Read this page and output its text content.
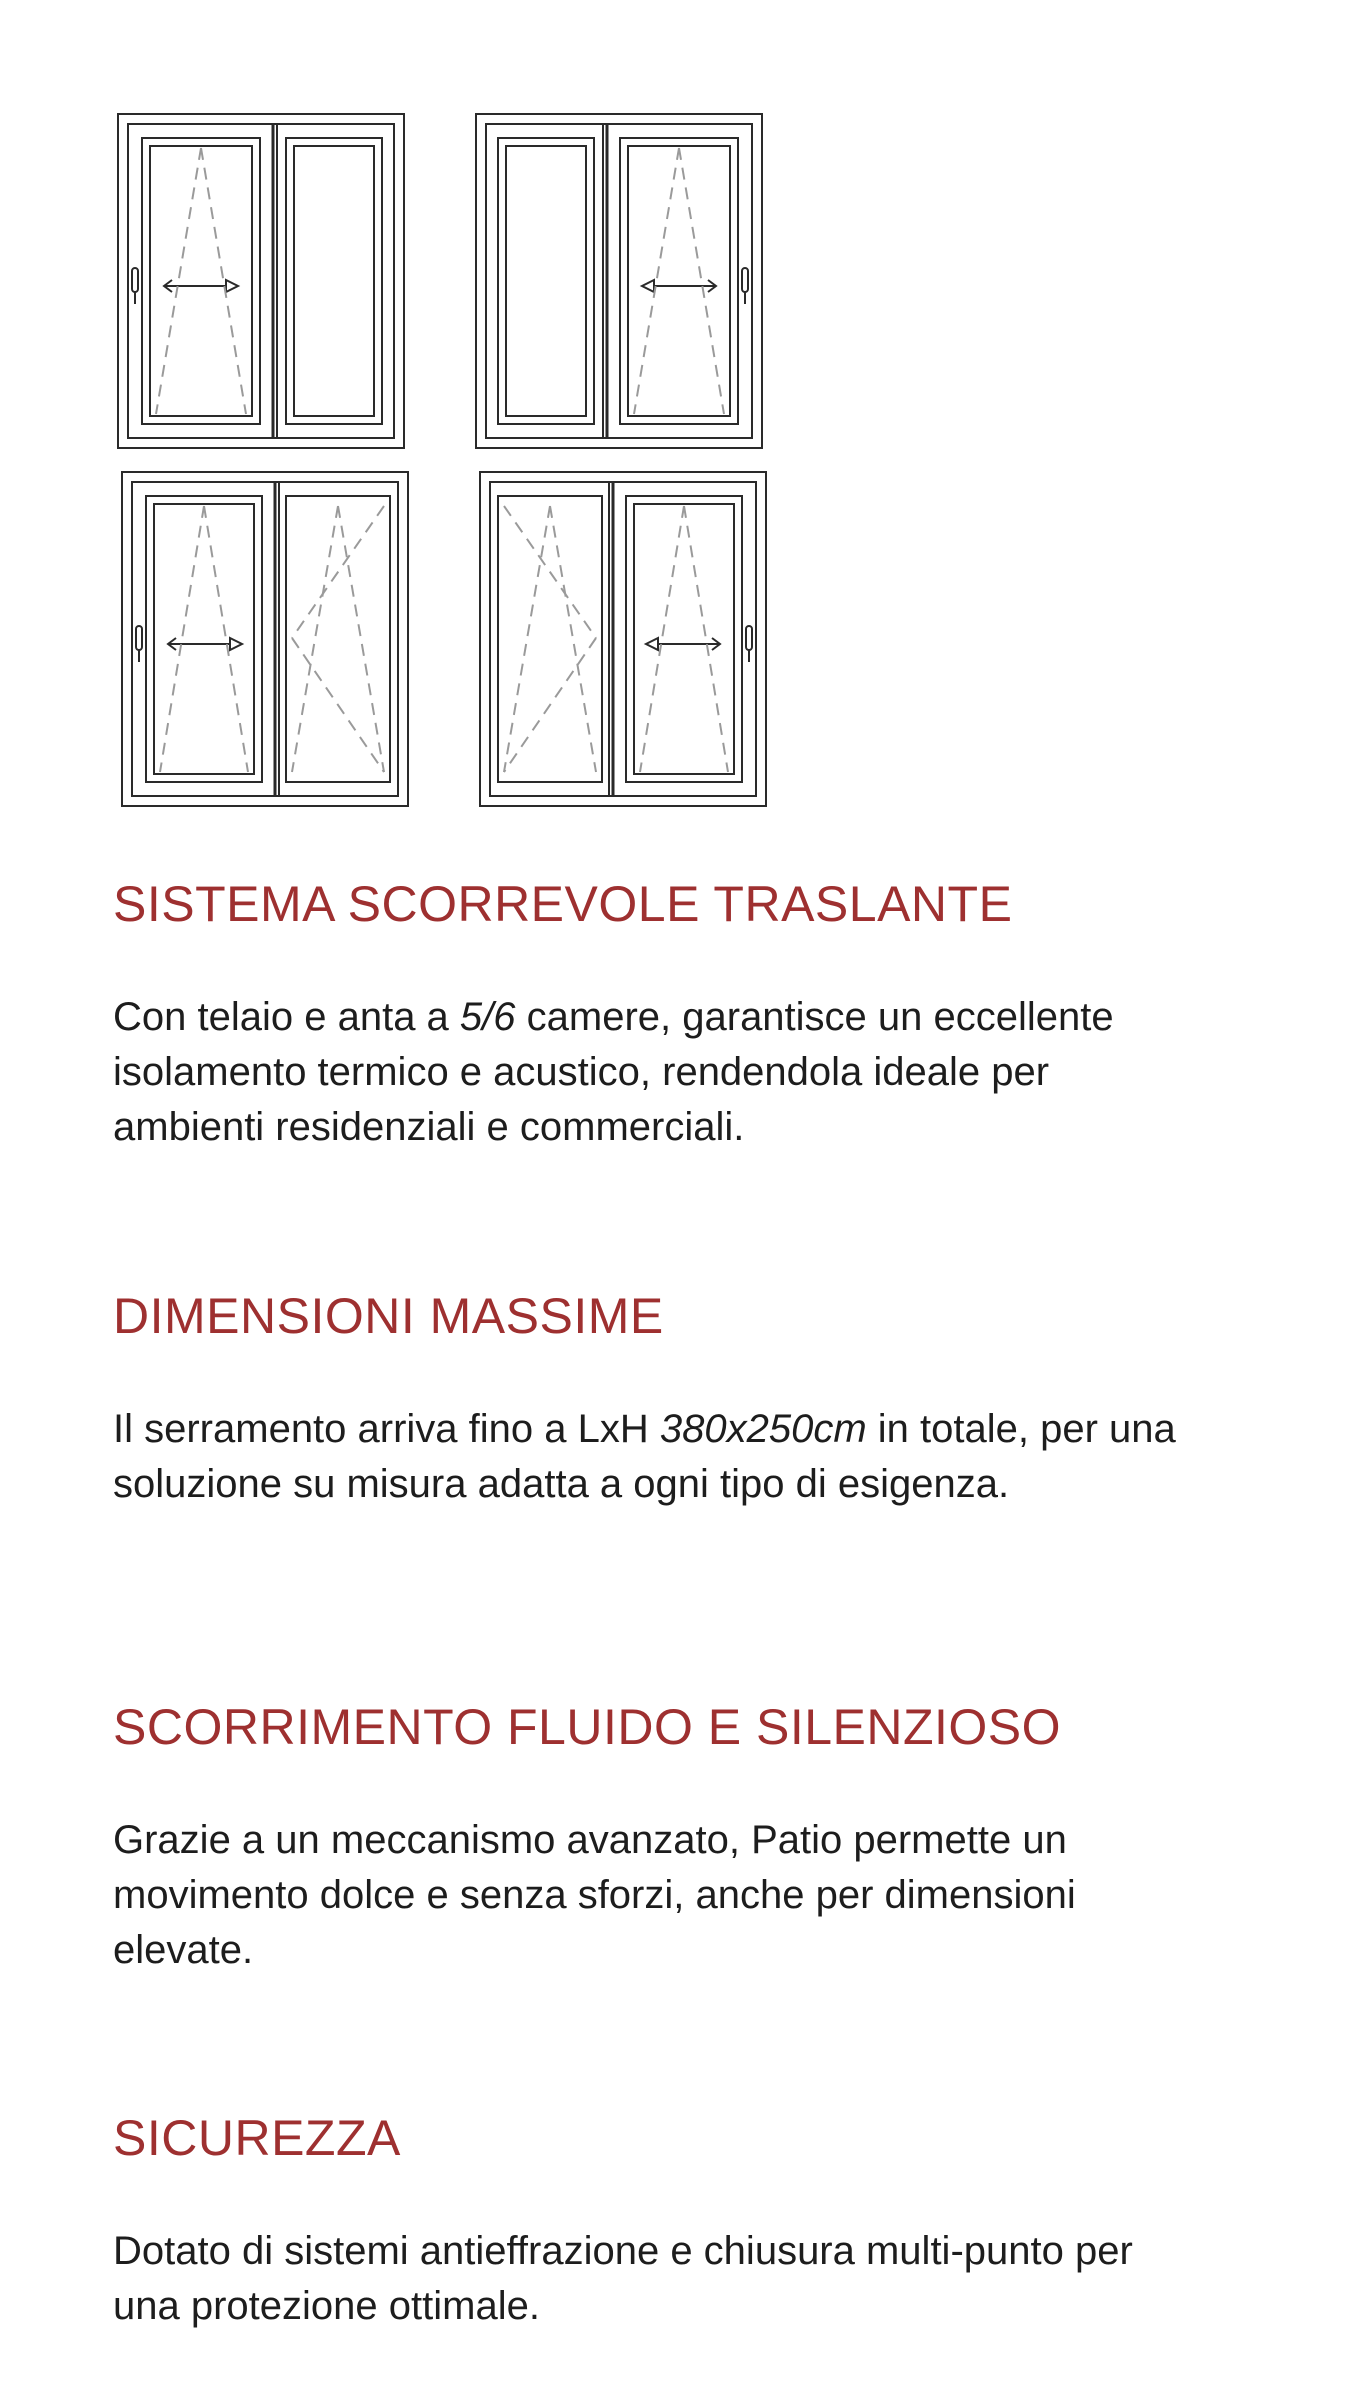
SISTEMA SCORREVOLE TRASLANTE

Con telaio e anta a 5/6 camere, garantisce un eccellente isolamento termico e acustico, rendendola ideale per ambienti residenziali e commerciali.

DIMENSIONI MASSIME

Il serramento arriva fino a LxH 380x250cm in totale, per una soluzione su misura adatta a ogni tipo di esigenza.

SCORRIMENTO FLUIDO E SILENZIOSO

Grazie a un meccanismo avanzato, Patio permette un movimento dolce e senza sforzi, anche per dimensioni elevate.

SICUREZZA

Dotato di sistemi antieffrazione e chiusura multi-punto per una protezione ottimale.
